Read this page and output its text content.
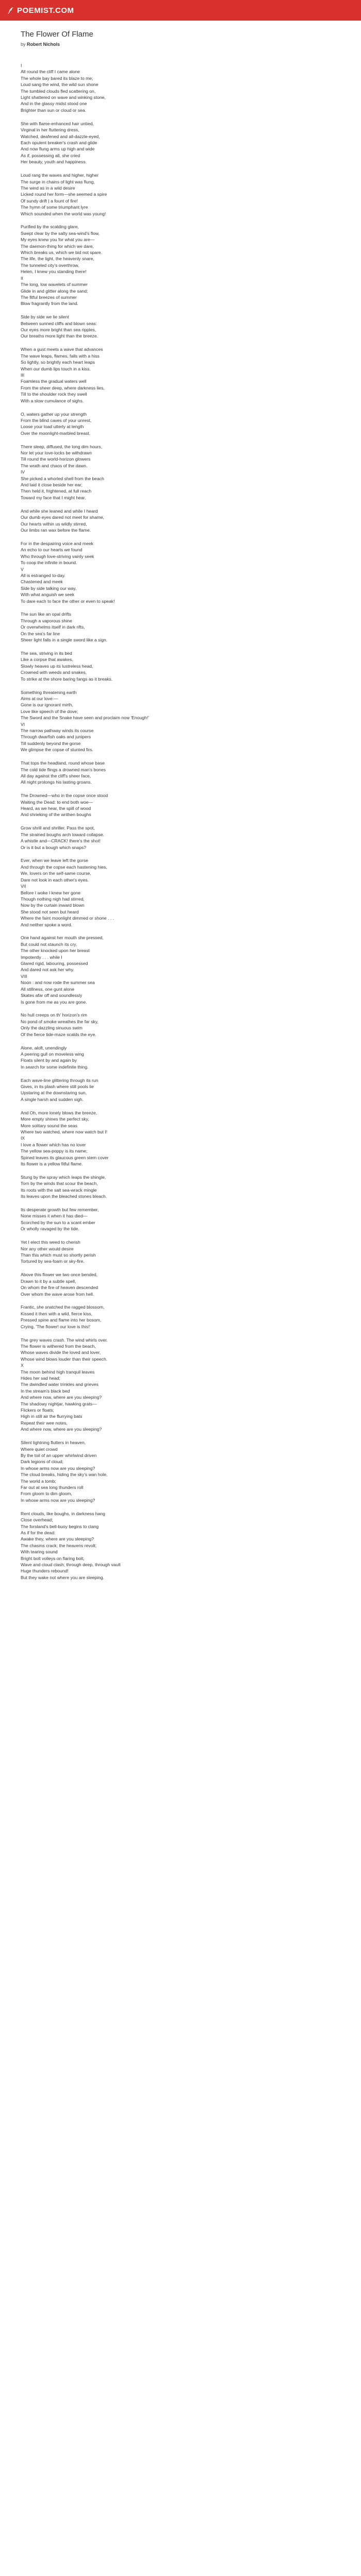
POEMIST.COM
The Flower Of Flame
by Robert Nichols
I
All round the cliff I came alone
The whole bay bared its blaze to me;
Loud sang the wind, the wild sun shone
The tumbled clouds fled scattering on,
Light shattered on wave and winking stone,
And in the glassy midst stood one
Brighter than sun or cloud or sea.
She with flame-enhanced hair untied,
Virginal in her fluttering dress,
Watched, deafened and all-dazzle-eyed,
Each opulent breaker's crash and glide
And now flung arms up high and wide
As if, possessing all, she cried
Her beauty, youth and happiness.
Loud rang the waves and higher, higher
The surge in chains of light was flung,
The wind as in a wild desire
Licked round her form—she seemed a spire
Of sundy drift | a fount of fire!
The hymn of some triumphant lyre
Which sounded when the world was young!
Purified by the scalding glare,
Swept clear by the salty sea-wind's flow,
My eyes knew you for what you are—
The daemon-thing for which we dare,
Which breaks us, which we bid not spare.
The life, the light, the heavenly snare,
The tunneled city's overthrow,
Helen, I knew you standing there!
II
The long, low wavelets of summer
Glide in and glitter along the sand;
The fitful breezes of summer
Blow fragrantly from the land.
Side by side we lie silent
Between sunned cliffs and blown seas:
Our eyes more bright than sea ripples,
Our breaths more light than the breeze.
When a gust meets a wave that advances
The wave leaps, flames, falls with a hiss
So lightly, so brightly each heart leaps
When our dumb lips touch in a kiss.
III
Foamless the gradual waters well
From the sheer deep, where darkness lies,
Till to the shoulder rock they swell
With a slow cumulance of sighs.
O, waters gather up your strength
From the blind caves of your unrest,
Loose your load utterly at length
Over the moonlight-marbled breast.
There sleep, diffused, the long dim hours,
Nor let your love-locks be withdrawn
Till round the world-horizon glowers
The wrath and chaos of the dawn.
IV
She picked a whorled shell from the beach
And laid it close beside her ear;
Then held it, frightened, at full reach
Toward my face that I might hear.
And while she leaned and while I heard
Our dumb eyes dared not meet for shame,
Our hearts within us wildly stirred,
Our limbs ran wax before the flame.
For in the despairing voice and meek
An echo to our hearts we found
Who through love-striving vainly seek
To coop the infinite in bound.
V
All is estranged to-day.
Chastened and meek
Side by side talking our way,
With what anguish we seek
To dare each to face the other or even to speak!
The sun like an opal drifts
Through a vaporous shine
Or overwhelms itself in dark rifts,
On the sea's far line
Sheer light falls in a single sword like a sign.
The sea, striving in its bed
Like a corpse that awakes,
Slowly heaves up its lustreless head,
Crowned with weeds and snakes,
To strike at the shore baring fangs as it breaks.
Something threatening earth
Aims at our love:—
Gone is our ignorant mirth,
Love like speech of the dove;
The Sword and the Snake have seen and proclaim now 'Enough!'
VI
The narrow pathway winds its course
Through dwarfish oaks and junipers
Till suddenly beyond the gorse
We glimpse the copse of stunted firs.
That tops the headland, round whose base
The cold tide flings a drowned man's bones
All day against the cliff's sheer face,
All night prolongs his lasting groans.
The Drowned—who in the copse once stood
Waiting the Dead: to end both woe—
Heard, as we hear, the spill of wood
And shrieking of the writhen boughs
Grow shrill and shriller. Pass the spot,
The strained boughs arch toward collapse.
A whistle and—CRACK! there's the shot!
Or is it but a bough which snaps?
Ever, when we leave left the gorse
And through the copse each hastening hies,
We, lovers on the self-same course,
Dare not look in each other's eyes.
VII
Before I woke I knew her gone
Though nothing nigh had stirred,
Now by the curtain inward blown
She stood not seen but heard
Where the faint moonlight dimmed or shone . . .
And neither spoke a word.
One hand against her mouth she pressed,
But could not staunch its cry,
The other knocked upon her breast
Impotently . . . while I
Glared rigid, labouring, possessed
And dared not ask her why.
VIII
Noon : and now rode the summer sea
All stillness, one gunt alone
Skates afar off and soundlessly
Is gone from me as you are gone.
No hull creeps on th' horizon's rim
No pond of smoke wreathes the far sky,
Only the dazzling sinuous swim
Of the fierce tide-maze scalds the eye.
Alone, aloft, unendingly
A peering gull on moveless wing
Floats silent by and again by
In search for some indefinite thing.
Each wave-line glittering through its run
Gives, in its plash where still pools lie
Upstaring at the downstaring sun,
A single harsh and sudden sigh.
And Oh, more lonely blows the breeze,
More empty shines the perfect sky,
More solitary sound the seas
Where two watched, where now watch but I!
IX
I love a flower which has no lover
The yellow sea-poppy is its name;
Spined leaves its glaucous green stem cover
Its flower is a yellow fitful flame.
Stung by the spray which leaps the shingle,
Torn by the winds that scour the beach,
Its roots with the salt sea-wrack mingle
Its leaves upon the bleached stones bleach.
Its desperate growth but few remember,
None misses it when it has died—
Scorched by the sun to a scant ember
Or wholly ravaged by the tide.
Yet I elect this weed to cherish
Nor any other would desire
Than this which must so shortly perish
Tortured by sea-foam or sky-fire.
Above this flower we two once bended,
Drawn to it by a subtle spell,
On whom the fire of heaven descended
Over whom the wave arose from hell.
Frantic, she snatched the ragged blossom,
Kissed it then with a wild, fierce kiss,
Pressed spine and flame into her bosom,
Crying, 'The flower! our love is this!'
The grey waves crash. The wind whirls over.
The flower is withered from the beach,
Whose waves divide the loved and lover,
Whose wind blows louder than their speech.
X
The moon behind high tranquil leaves
Hides her sad head;
The dwindled water trinkles and grieves
In the stream's black bed
And where now, where are you sleeping?
The shadowy nightjar, hawking grats—
Flickers or floats;
High in still air the flurrying bats
Repeat their wee notes,
And where now, where are you sleeping?
Silent lightning flutters in heaven,
Where quiet crowd
By the toil of an upper whirlwind driven
Dark legions of cloud;
In whose arms now are you sleeping?
The cloud breaks, hiding the sky's wan hole,
The world a tomb;
Far out at sea long thunders roll
From gloom to dim gloom,
In whose arms now are you sleeping?
Rent clouds, like boughs, in darkness hang
Close overhead;
The forsland's bell-buoy begins to clang
As if for the dead:
Awake they, where are you sleeping?
The chasms crack; the heavens revolt;
With tearing sound
Bright bolt volleys on flaring bolt,
Wave and cloud clash; through deep, through vault
Huge thunders rebound!
But they wake not where you are sleeping.
